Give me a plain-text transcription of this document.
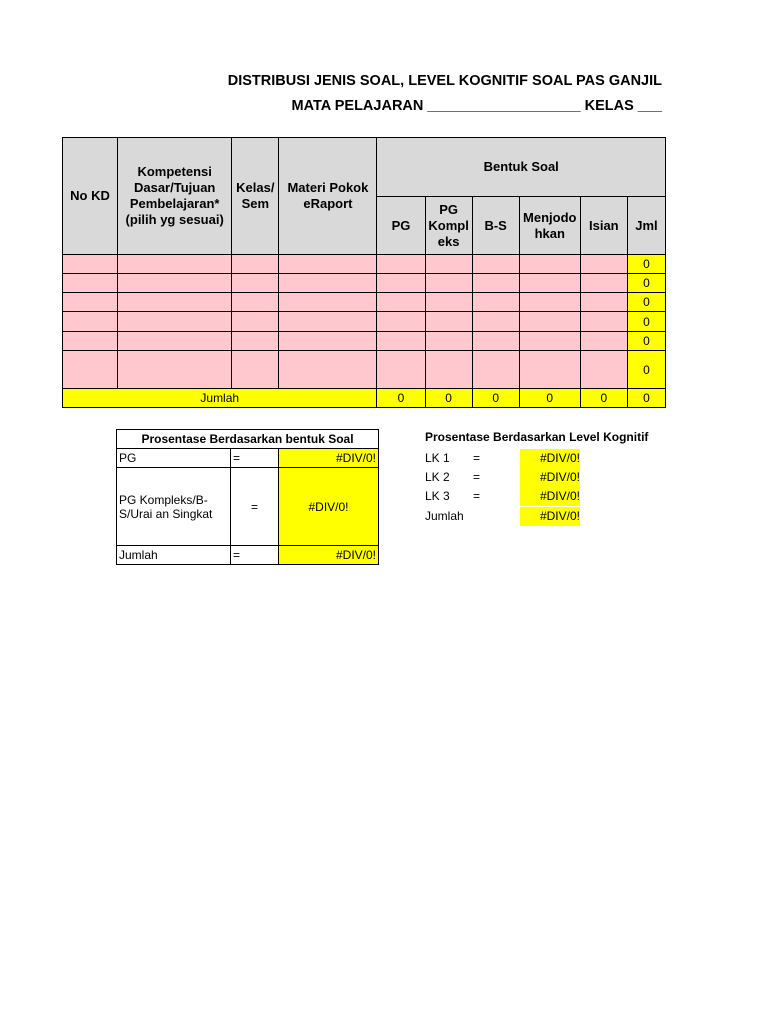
DISTRIBUSI JENIS SOAL, LEVEL KOGNITIF SOAL PAS GANJIL
MATA PELAJARAN ___________________ KELAS ___
No KD	Kompetensi Dasar/Tujuan Pembelajaran* (pilih yg sesuai)	Kelas/ Sem	Materi Pokok eRaport	Bentuk Soal					
				PG	PG Kompl eks	B-S	Menjodo hkan	Isian	Jml
									0
									0
									0
									0
									0
									0
Jumlah				0	0	0	0	0	0
Prosentase Berdasarkan bentuk Soal		
PG	=	#DIV/0!
PG Kompleks/B-S/Urai an Singkat	=	#DIV/0!
Jumlah	=	#DIV/0!
Prosentase Berdasarkan Level Kognitif
LK 1 =	#DIV/0!
LK 2 =	#DIV/0!
LK 3 =	#DIV/0!
Jumlah	#DIV/0!
